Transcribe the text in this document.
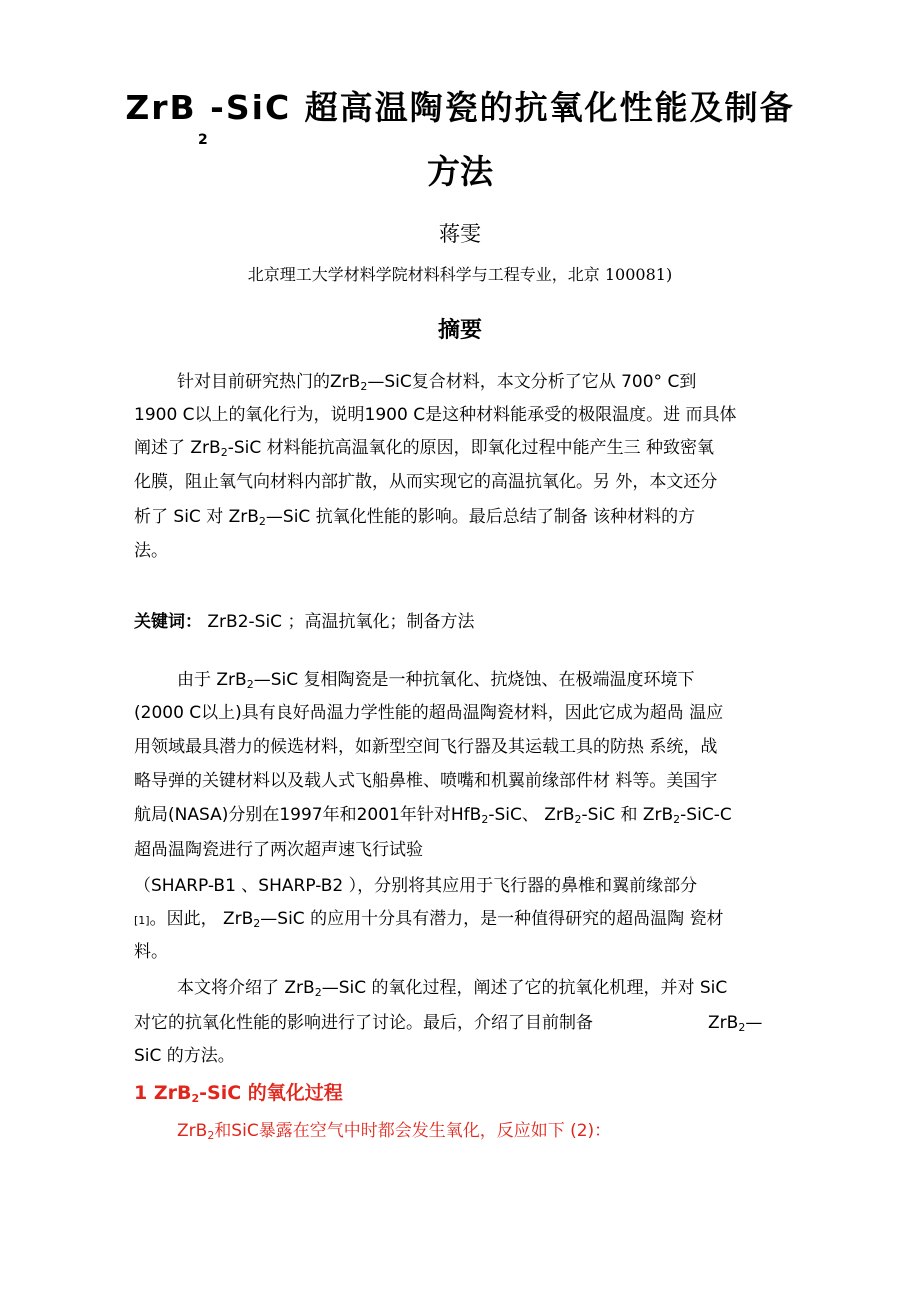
ZrB -SiC 超高温陶瓷的抗氧化性能及制备
2
方法
蒋雯
北京理工大学材料学院材料科学与工程专业，北京 100081)
摘要
针对目前研究热门的ZrB$_2$—SiC复合材料，本文分析了它从 700° C到
1900 C以上的氧化行为，说明1900 C是这种材料能承受的极限温度。进 而具体
阐述了 ZrB$_2$-SiC 材料能抗高温氧化的原因，即氧化过程中能产生三 种致密氧
化膜，阻止氧气向材料内部扩散，从而实现它的高温抗氧化。另 外，本文还分
析了 SiC 对 ZrB$_2$—SiC 抗氧化性能的影响。最后总结了制备 该种材料的方
法。
关键词： ZrB2-SiC ；高温抗氧化；制备方法
由于 ZrB$_2$—SiC 复相陶瓷是一种抗氧化、抗烧蚀、在极端温度环境下
(2000 C以上)具有良好咼温力学性能的超咼温陶瓷材料，因此它成为超咼 温应
用领域最具潜力的候选材料，如新型空间飞行器及其运载工具的防热 系统，战
略导弹的关键材料以及载人式飞船鼻椎、喷嘴和机翼前缘部件材 料等。美国宇
航局(NASA)分别在1997年和2001年针对HfB$_2$-SiC、 ZrB$_2$-SiC 和 ZrB$_2$-SiC-C
超咼温陶瓷进行了两次超声速飞行试验
（SHARP-B1 、SHARP-B2 ），分别将其应用于飞行器的鼻椎和翼前缘部分
[1]。因此， ZrB$_2$—SiC 的应用十分具有潜力，是一种值得研究的超咼温陶 瓷材
料。
本文将介绍了 ZrB$_2$—SiC 的氧化过程，阐述了它的抗氧化机理，并对 SiC
对它的抗氧化性能的影响进行了讨论。最后，介绍了目前制备	ZrB$_2$—
SiC 的方法。
1 ZrB$_2$-SiC 的氧化过程
ZrB$_2$和SiC暴露在空气中时都会发生氧化，反应如下 (2)：
